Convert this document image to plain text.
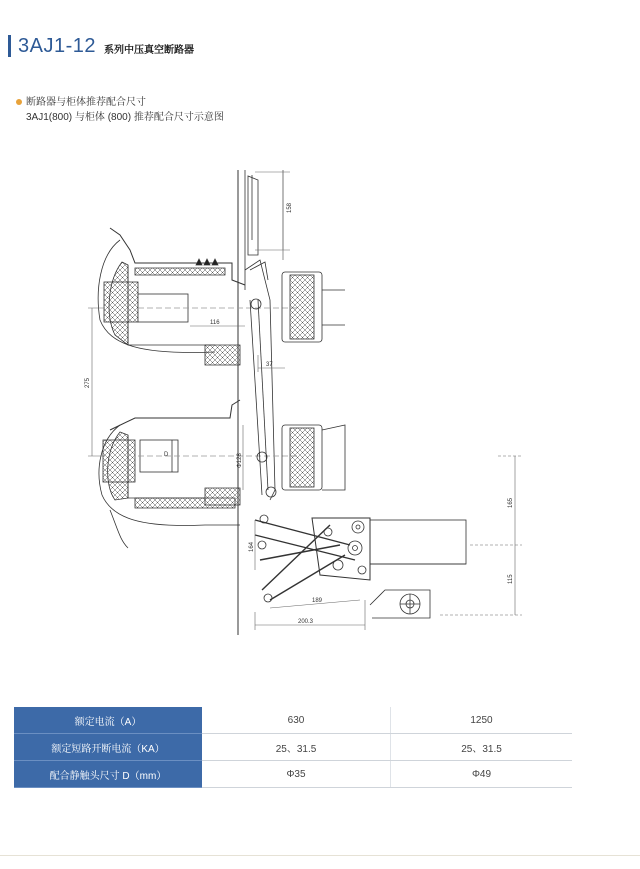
3AJ1-12 系列中压真空断路器
断路器与柜体推荐配合尺寸
3AJ1(800) 与柜体 (800) 推荐配合尺寸示意图
158
116
275
37
Φ128
D
165
115
164
189
200.3
额定电流（A）	630	1250
额定短路开断电流（KA）	25、31.5	25、31.5
配合静触头尺寸 D（mm）	Φ35	Φ49
